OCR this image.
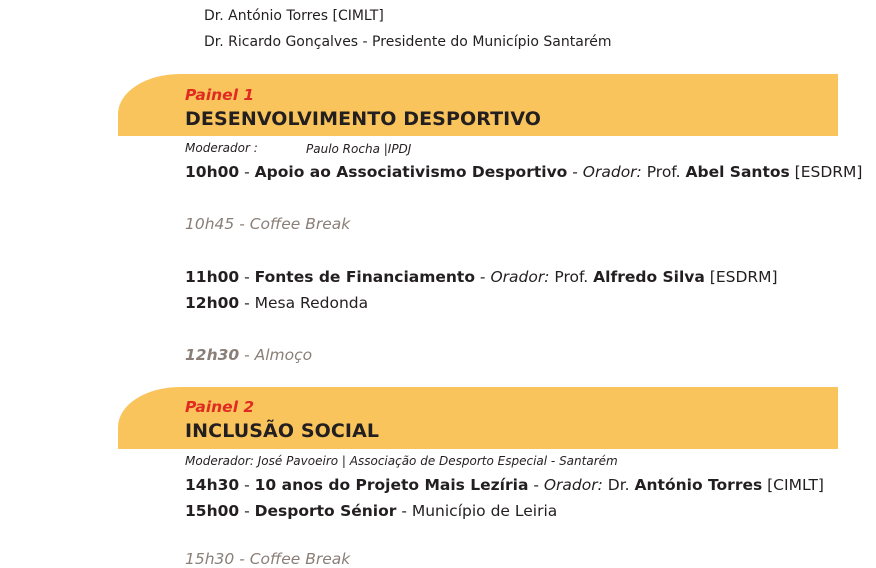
Dr. António Torres [CIMLT]
Dr. Ricardo Gonçalves - Presidente do Município Santarém
Painel 1
DESENVOLVIMENTO DESPORTIVO
Moderador :	Paulo Rocha |IPDJ
10h00 - Apoio ao Associativismo Desportivo - Orador: Prof. Abel Santos [ESDRM]
10h45 - Coffee Break
11h00 - Fontes de Financiamento - Orador: Prof. Alfredo Silva [ESDRM]
12h00 - Mesa Redonda
12h30 - Almoço
Painel 2
INCLUSÃO SOCIAL
Moderador: José Pavoeiro | Associação de Desporto Especial - Santarém
14h30 - 10 anos do Projeto Mais Lezíria - Orador: Dr. António Torres [CIMLT]
15h00 - Desporto Sénior - Município de Leiria
15h30 - Coffee Break
